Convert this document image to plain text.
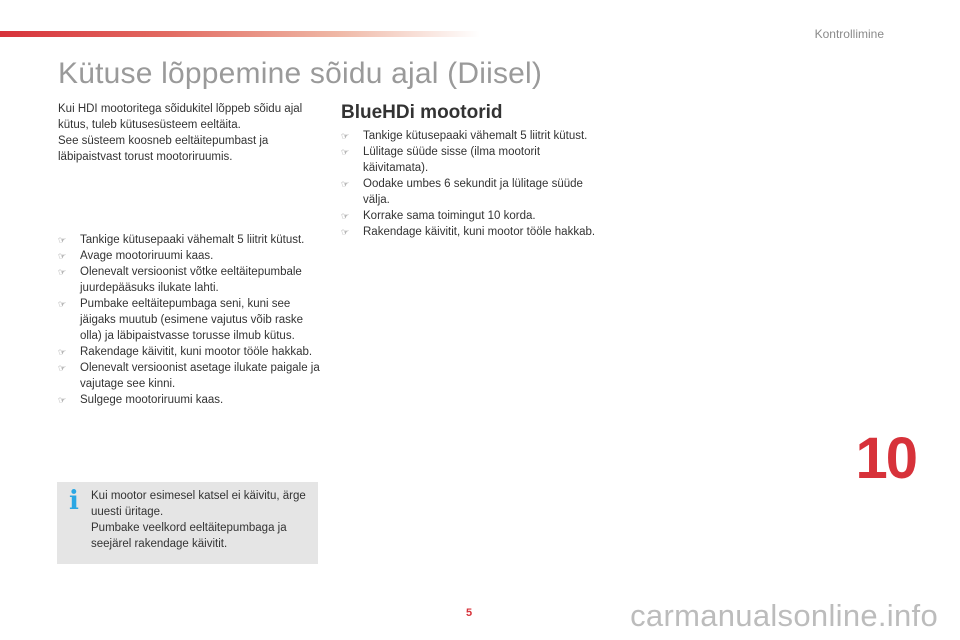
Kontrollimine
Kütuse lõppemine sõidu ajal (Diisel)

Kui HDI mootoritega sõidukitel lõppeb sõidu ajal kütus, tuleb kütusesüsteem eeltäita.

See süsteem koosneb eeltäitepumbast ja läbipaistvast torust mootoriruumis.

☞ Tankige kütusepaaki vähemalt 5 liitrit kütust.
☞ Avage mootoriruumi kaas.
☞ Olenevalt versioonist võtke eeltäitepumbale juurdepääsuks ilukate lahti.
☞ Pumbake eeltäitepumbaga seni, kuni see jäigaks muutub (esimene vajutus võib raske olla) ja läbipaistvasse torusse ilmub kütus.
☞ Rakendage käivitit, kuni mootor tööle hakkab.
☞ Olenevalt versioonist asetage ilukate paigale ja vajutage see kinni.
☞ Sulgege mootoriruumi kaas.
i Kui mootor esimesel katsel ei käivitu, ärge uuesti üritage.

Pumbake veelkord eeltäitepumbaga ja seejärel rakendage käivitit.

BlueHDi mootorid
☞ Tankige kütusepaaki vähemalt 5 liitrit kütust.
☞ Lülitage süüde sisse (ilma mootorit käivitamata).
☞ Oodake umbes 6 sekundit ja lülitage süüde välja.
☞ Korrake sama toimingut 10 korda.
☞ Rakendage käivitit, kuni mootor tööle hakkab.
10
5	carmanualsonline.info
